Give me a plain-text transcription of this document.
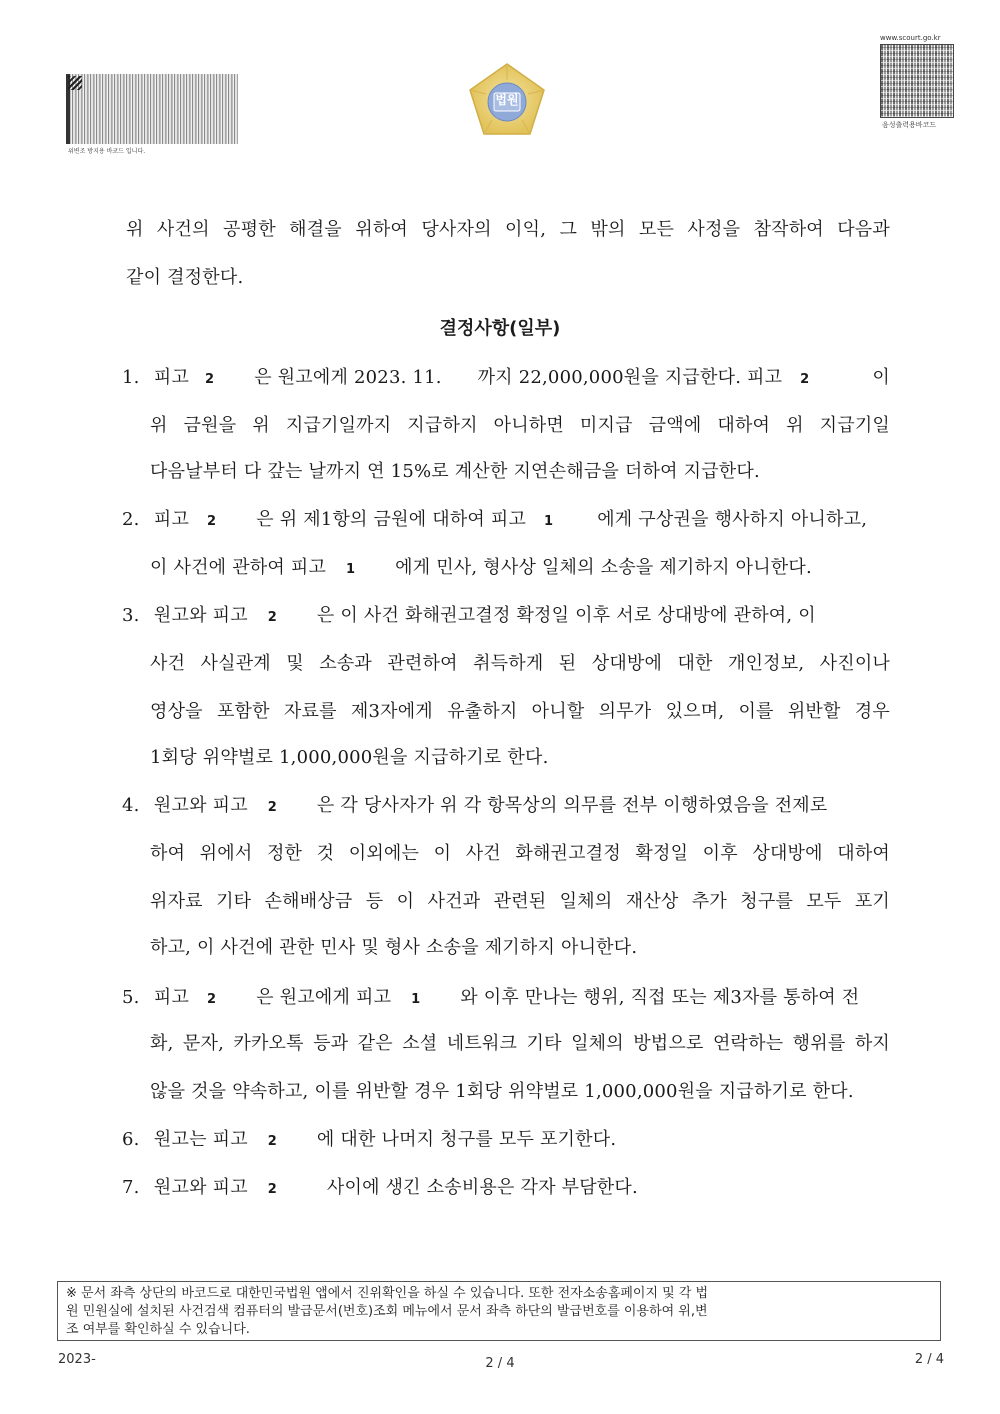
위변조 방지용 바코드 입니다.
법원
www.scourt.go.kr
음성출력용바코드
위 사건의 공평한 해결을 위하여 당사자의 이익, 그 밖의 모든 사정을 참작하여 다음과
같이 결정한다.
결정사항(일부)
1. 피고 2 은 원고에게 2023. 11. 까지 22,000,000원을 지급한다. 피고 2	이
위 금원을 위 지급기일까지 지급하지 아니하면 미지급 금액에 대하여 위 지급기일
다음날부터 다 갚는 날까지 연 15%로 계산한 지연손해금을 더하여 지급한다.
2. 피고 2 은 위 제1항의 금원에 대하여 피고 1 에게 구상권을 행사하지 아니하고,
이 사건에 관하여 피고 1 에게 민사, 형사상 일체의 소송을 제기하지 아니한다.
3. 원고와 피고 2 은 이 사건 화해권고결정 확정일 이후 서로 상대방에 관하여, 이
사건 사실관계 및 소송과 관련하여 취득하게 된 상대방에 대한 개인정보, 사진이나
영상을 포함한 자료를 제3자에게 유출하지 아니할 의무가 있으며, 이를 위반할 경우
1회당 위약벌로 1,000,000원을 지급하기로 한다.
4. 원고와 피고 2 은 각 당사자가 위 각 항목상의 의무를 전부 이행하였음을 전제로
하여 위에서 정한 것 이외에는 이 사건 화해권고결정 확정일 이후 상대방에 대하여
위자료 기타 손해배상금 등 이 사건과 관련된 일체의 재산상 추가 청구를 모두 포기
하고, 이 사건에 관한 민사 및 형사 소송을 제기하지 아니한다.
5. 피고 2 은 원고에게 피고 1 와 이후 만나는 행위, 직접 또는 제3자를 통하여 전
화, 문자, 카카오톡 등과 같은 소셜 네트워크 기타 일체의 방법으로 연락하는 행위를 하지
않을 것을 약속하고, 이를 위반할 경우 1회당 위약벌로 1,000,000원을 지급하기로 한다.
6. 원고는 피고 2 에 대한 나머지 청구를 모두 포기한다.
7. 원고와 피고 2	사이에 생긴 소송비용은 각자 부담한다.
※ 문서 좌측 상단의 바코드로 대한민국법원 앱에서 진위확인을 하실 수 있습니다. 또한 전자소송홈페이지 및 각 법
원 민원실에 설치된 사건검색 컴퓨터의 발급문서(번호)조회 메뉴에서 문서 좌측 하단의 발급번호를 이용하여 위,변
조 여부를 확인하실 수 있습니다.
2023-	2 / 4	2 / 4
